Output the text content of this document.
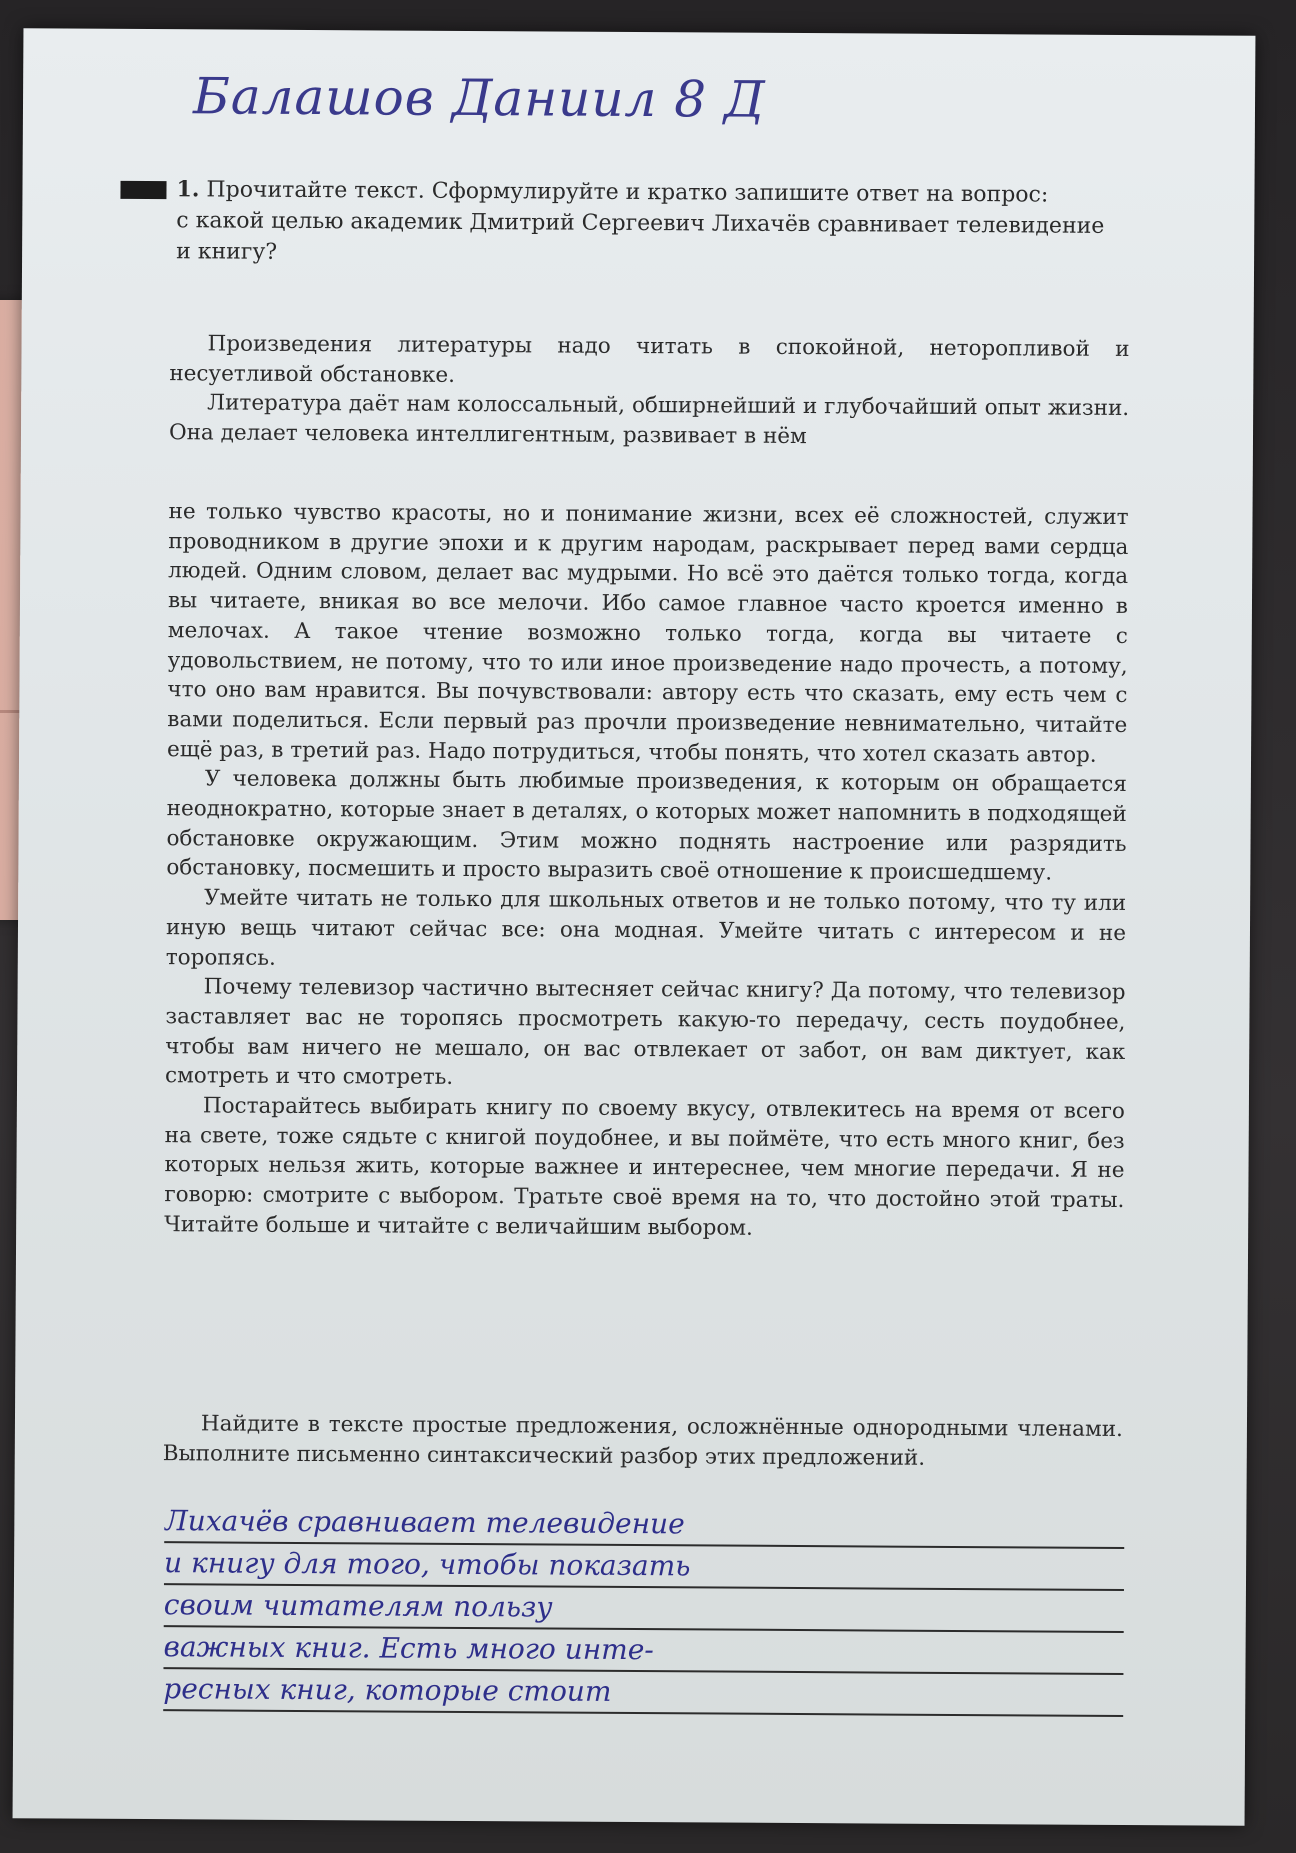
Балашов Даниил 8 Д
1. Прочитайте текст. Сформулируйте и кратко запишите ответ на вопрос:
с какой целью академик Дмитрий Сергеевич Лихачёв сравнивает телевидение
и книгу?

Произведения литературы надо читать в спокойной, неторопливой и несуетливой обстановке.

Литература даёт нам колоссальный, обширнейший и глубочайший опыт жизни. Она делает человека интеллигентным, развивает в нём

не только чувство красоты, но и понимание жизни, всех её сложностей, служит проводником в другие эпохи и к другим народам, раскрывает перед вами сердца людей. Одним словом, делает вас мудрыми. Но всё это даётся только тогда, когда вы читаете, вникая во все мелочи. Ибо самое главное часто кроется именно в мелочах. А такое чтение возможно только тогда, когда вы читаете с удовольствием, не потому, что то или иное произведение надо прочесть, а потому, что оно вам нравится. Вы почувствовали: автору есть что сказать, ему есть чем с вами поделиться. Если первый раз прочли произведение невнимательно, читайте ещё раз, в третий раз. Надо потрудиться, чтобы понять, что хотел сказать автор.

У человека должны быть любимые произведения, к которым он обращается неоднократно, которые знает в деталях, о которых может напомнить в подходящей обстановке окружающим. Этим можно поднять настроение или разрядить обстановку, посмешить и просто выразить своё отношение к происшедшему.

Умейте читать не только для школьных ответов и не только потому, что ту или иную вещь читают сейчас все: она модная. Умейте читать с интересом и не торопясь.

Почему телевизор частично вытесняет сейчас книгу? Да потому, что телевизор заставляет вас не торопясь просмотреть какую-то передачу, сесть поудобнее, чтобы вам ничего не мешало, он вас отвлекает от забот, он вам диктует, как смотреть и что смотреть.

Постарайтесь выбирать книгу по своему вкусу, отвлекитесь на время от всего на свете, тоже сядьте с книгой поудобнее, и вы поймёте, что есть много книг, без которых нельзя жить, которые важнее и интереснее, чем многие передачи. Я не говорю: смотрите с выбором. Тратьте своё время на то, что достойно этой траты. Читайте больше и читайте с величайшим выбором.

Найдите в тексте простые предложения, осложнённые однородными членами. Выполните письменно синтаксический разбор этих предложений.
Лихачёв сравнивает телевидение
и книгу для того, чтобы показать
своим читателям пользу
важных книг. Есть много инте-
ресных книг, которые стоит
